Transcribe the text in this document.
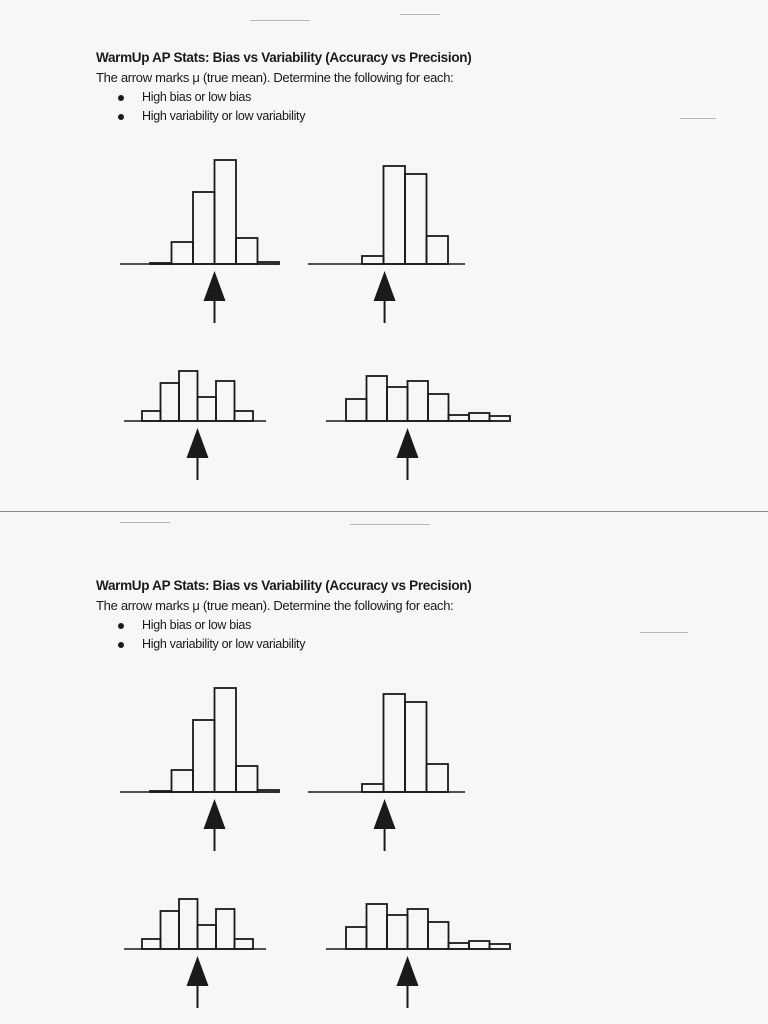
WarmUp AP Stats: Bias vs Variability (Accuracy vs Precision)
The arrow marks μ (true mean). Determine the following for each:
High bias or low bias
High variability or low variability
WarmUp AP Stats: Bias vs Variability (Accuracy vs Precision)
The arrow marks μ (true mean). Determine the following for each:
High bias or low bias
High variability or low variability
